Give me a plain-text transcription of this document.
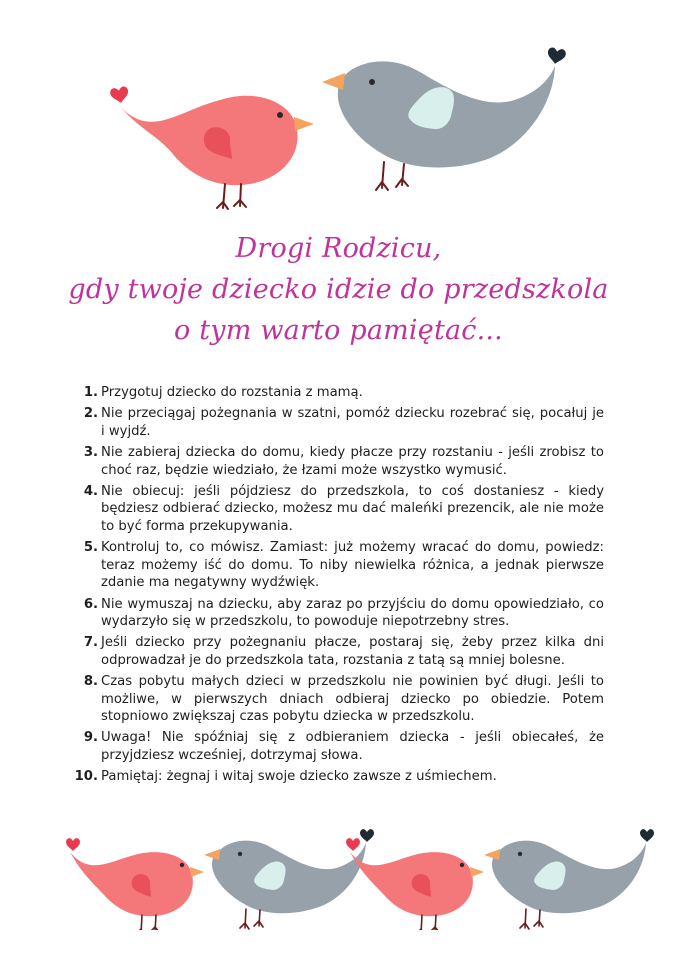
Drogi Rodzicu,
gdy twoje dziecko idzie do przedszkola
o tym warto pamiętać...
1. Przygotuj dziecko do rozstania z mamą.
2. Nie przeciągaj pożegnania w szatni, pomóż dziecku rozebrać się, pocałuj je i wyjdź.
3. Nie zabieraj dziecka do domu, kiedy płacze przy rozstaniu - jeśli zrobisz to choć raz, będzie wiedziało, że łzami może wszystko wymusić.
4. Nie obiecuj: jeśli pójdziesz do przedszkola, to coś dostaniesz - kiedy będziesz odbierać dziecko, możesz mu dać maleńki prezencik, ale nie może to być forma przekupywania.
5. Kontroluj to, co mówisz. Zamiast: już możemy wracać do domu, powiedz: teraz możemy iść do domu. To niby niewielka różnica, a jednak pierwsze zdanie ma negatywny wydźwięk.
6. Nie wymuszaj na dziecku, aby zaraz po przyjściu do domu opowiedziało, co wydarzyło się w przedszkolu, to powoduje niepotrzebny stres.
7. Jeśli dziecko przy pożegnaniu płacze, postaraj się, żeby przez kilka dni odprowadzał je do przedszkola tata, rozstania z tatą są mniej bolesne.
8. Czas pobytu małych dzieci w przedszkolu nie powinien być długi. Jeśli to możliwe, w pierwszych dniach odbieraj dziecko po obiedzie. Potem stopniowo zwiększaj czas pobytu dziecka w przedszkolu.
9. Uwaga! Nie spóźniaj się z odbieraniem dziecka - jeśli obiecałeś, że przyjdziesz wcześniej, dotrzymaj słowa.
10. Pamiętaj: żegnaj i witaj swoje dziecko zawsze z uśmiechem.
